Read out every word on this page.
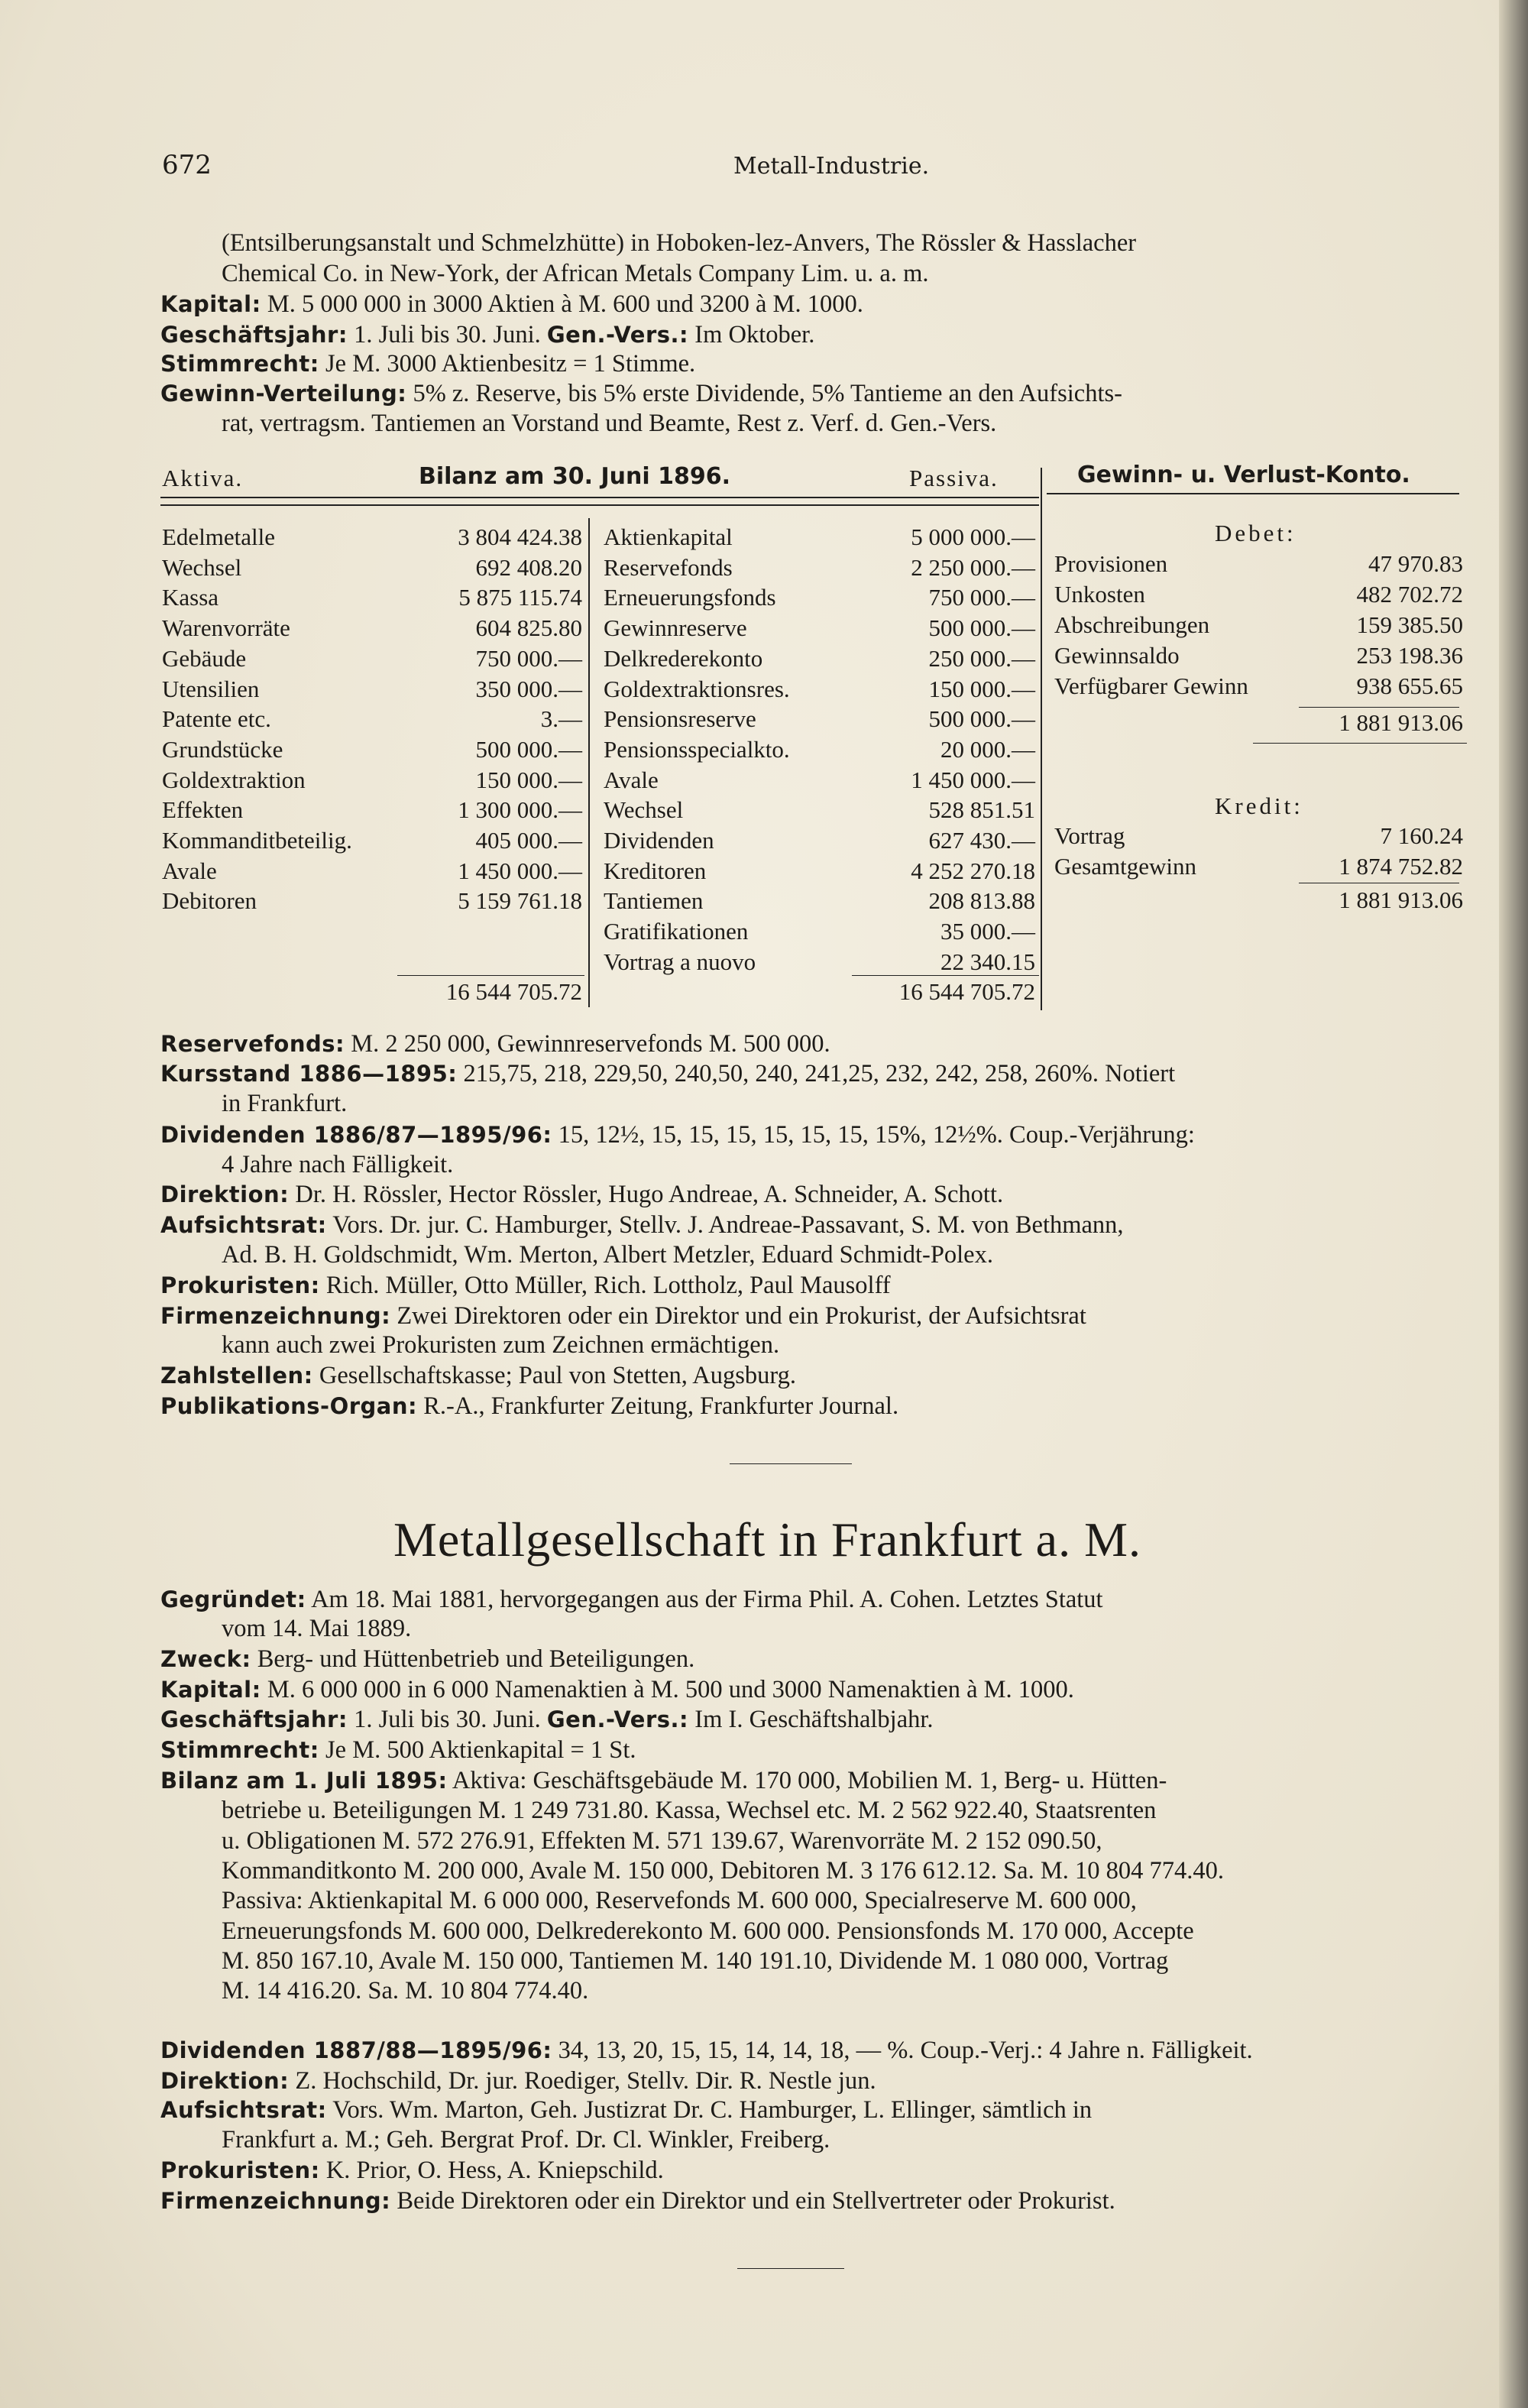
672	Metall-Industrie.
(Entsilberungsanstalt und Schmelzhütte) in Hoboken-lez-Anvers, The Rössler & Hasslacher
Chemical Co. in New-York, der African Metals Company Lim. u. a. m.
Kapital: M. 5 000 000 in 3000 Aktien à M. 600 und 3200 à M. 1000.
Geschäftsjahr: 1. Juli bis 30. Juni. Gen.-Vers.: Im Oktober.
Stimmrecht: Je M. 3000 Aktienbesitz = 1 Stimme.
Gewinn-Verteilung: 5% z. Reserve, bis 5% erste Dividende, 5% Tantieme an den Aufsichts-
rat, vertragsm. Tantiemen an Vorstand und Beamte, Rest z. Verf. d. Gen.-Vers.
Aktiva.	Bilanz am 30. Juni 1896.	Passiva.	Gewinn- u. Verlust-Konto.
16 544 705.72	16 544 705.72
Debet:
1 881 913.06
Kredit:
1 881 913.06
Reservefonds: M. 2 250 000, Gewinnreservefonds M. 500 000.
Kursstand 1886—1895: 215,75, 218, 229,50, 240,50, 240, 241,25, 232, 242, 258, 260%. Notiert
in Frankfurt.
Dividenden 1886/87—1895/96: 15, 12½, 15, 15, 15, 15, 15, 15, 15%, 12½%. Coup.-Verjährung:
4 Jahre nach Fälligkeit.
Direktion: Dr. H. Rössler, Hector Rössler, Hugo Andreae, A. Schneider, A. Schott.
Aufsichtsrat: Vors. Dr. jur. C. Hamburger, Stellv. J. Andreae-Passavant, S. M. von Bethmann,
Ad. B. H. Goldschmidt, Wm. Merton, Albert Metzler, Eduard Schmidt-Polex.
Prokuristen: Rich. Müller, Otto Müller, Rich. Lottholz, Paul Mausolff
Firmenzeichnung: Zwei Direktoren oder ein Direktor und ein Prokurist, der Aufsichtsrat
kann auch zwei Prokuristen zum Zeichnen ermächtigen.
Zahlstellen: Gesellschaftskasse; Paul von Stetten, Augsburg.
Publikations-Organ: R.-A., Frankfurter Zeitung, Frankfurter Journal.
Metallgesellschaft in Frankfurt a. M.
Gegründet: Am 18. Mai 1881, hervorgegangen aus der Firma Phil. A. Cohen. Letztes Statut
vom 14. Mai 1889.
Zweck: Berg- und Hüttenbetrieb und Beteiligungen.
Kapital: M. 6 000 000 in 6 000 Namenaktien à M. 500 und 3000 Namenaktien à M. 1000.
Geschäftsjahr: 1. Juli bis 30. Juni. Gen.-Vers.: Im I. Geschäftshalbjahr.
Stimmrecht: Je M. 500 Aktienkapital = 1 St.
Bilanz am 1. Juli 1895: Aktiva: Geschäftsgebäude M. 170 000, Mobilien M. 1, Berg- u. Hütten-
Dividenden 1887/88—1895/96: 34, 13, 20, 15, 15, 14, 14, 18, — %. Coup.-Verj.: 4 Jahre n. Fälligkeit.
Direktion: Z. Hochschild, Dr. jur. Roediger, Stellv. Dir. R. Nestle jun.
Aufsichtsrat: Vors. Wm. Marton, Geh. Justizrat Dr. C. Hamburger, L. Ellinger, sämtlich in
Frankfurt a. M.; Geh. Bergrat Prof. Dr. Cl. Winkler, Freiberg.
Prokuristen: K. Prior, O. Hess, A. Kniepschild.
Firmenzeichnung: Beide Direktoren oder ein Direktor und ein Stellvertreter oder Prokurist.
Edelmetalle	3 804 424.38
Wechsel	692 408.20
Kassa	5 875 115.74
Warenvorräte	604 825.80
Gebäude	750 000.—
Utensilien	350 000.—
Patente etc.	3.—
Grundstücke	500 000.—
Goldextraktion	150 000.—
Effekten	1 300 000.—
Kommanditbeteilig.	405 000.—
Avale	1 450 000.—
Debitoren	5 159 761.18
Aktienkapital	5 000 000.—
Reservefonds	2 250 000.—
Erneuerungsfonds	750 000.—
Gewinnreserve	500 000.—
Delkrederekonto	250 000.—
Goldextraktionsres.	150 000.—
Pensionsreserve	500 000.—
Pensionsspecialkto.	20 000.—
Avale	1 450 000.—
Wechsel	528 851.51
Dividenden	627 430.—
Kreditoren	4 252 270.18
Tantiemen	208 813.88
Gratifikationen	35 000.—
Vortrag a nuovo	22 340.15
Provisionen	47 970.83
Unkosten	482 702.72
Abschreibungen	159 385.50
Gewinnsaldo	253 198.36
Verfügbarer Gewinn	938 655.65
Vortrag	7 160.24
Gesamtgewinn	1 874 752.82
betriebe u. Beteiligungen M. 1 249 731.80. Kassa, Wechsel etc. M. 2 562 922.40, Staatsrenten
u. Obligationen M. 572 276.91, Effekten M. 571 139.67, Warenvorräte M. 2 152 090.50,
Kommanditkonto M. 200 000, Avale M. 150 000, Debitoren M. 3 176 612.12. Sa. M. 10 804 774.40.
Passiva: Aktienkapital M. 6 000 000, Reservefonds M. 600 000, Specialreserve M. 600 000,
Erneuerungsfonds M. 600 000, Delkrederekonto M. 600 000. Pensionsfonds M. 170 000, Accepte
M. 850 167.10, Avale M. 150 000, Tantiemen M. 140 191.10, Dividende M. 1 080 000, Vortrag
M. 14 416.20. Sa. M. 10 804 774.40.
